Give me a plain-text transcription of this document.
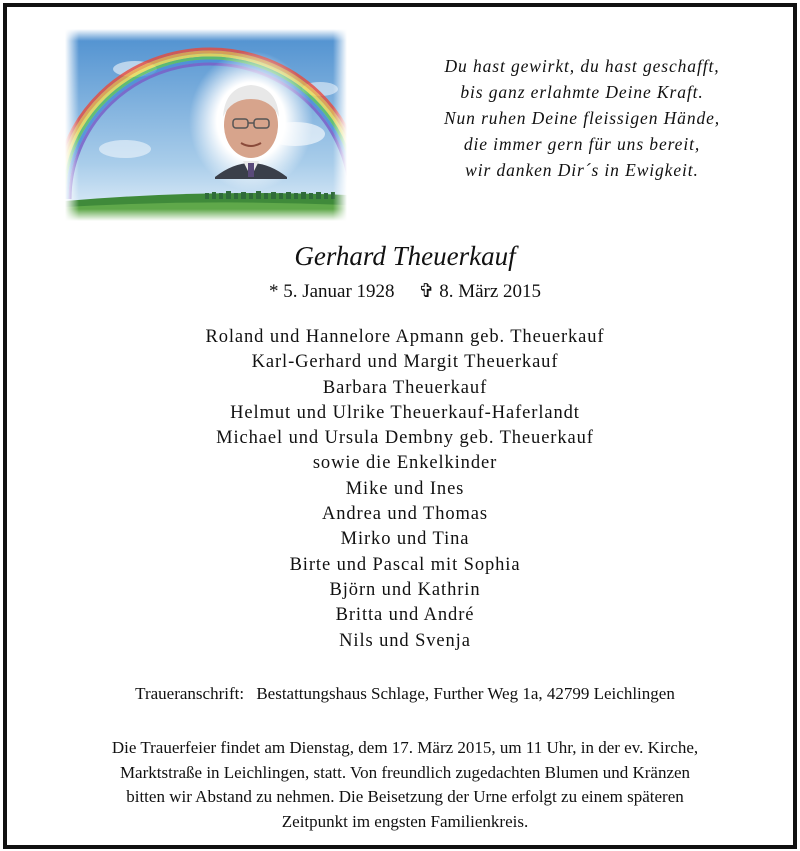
Du hast gewirkt, du hast geschafft,
bis ganz erlahmte Deine Kraft.
Nun ruhen Deine fleissigen Hände,
die immer gern für uns bereit,
wir danken Dir´s in Ewigkeit.
Gerhard Theuerkauf
* 5. Januar 1928 ✞ 8. März 2015
Roland und Hannelore Apmann geb. Theuerkauf
Karl-Gerhard und Margit Theuerkauf
Barbara Theuerkauf
Helmut und Ulrike Theuerkauf-Haferlandt
Michael und Ursula Dembny geb. Theuerkauf
sowie die Enkelkinder
Mike und Ines
Andrea und Thomas
Mirko und Tina
Birte und Pascal mit Sophia
Björn und Kathrin
Britta und André
Nils und Svenja
Traueranschrift: Bestattungshaus Schlage, Further Weg 1a, 42799 Leichlingen
Die Trauerfeier findet am Dienstag, dem 17. März 2015, um 11 Uhr, in der ev. Kirche,
Marktstraße in Leichlingen, statt. Von freundlich zugedachten Blumen und Kränzen
bitten wir Abstand zu nehmen. Die Beisetzung der Urne erfolgt zu einem späteren
Zeitpunkt im engsten Familienkreis.
